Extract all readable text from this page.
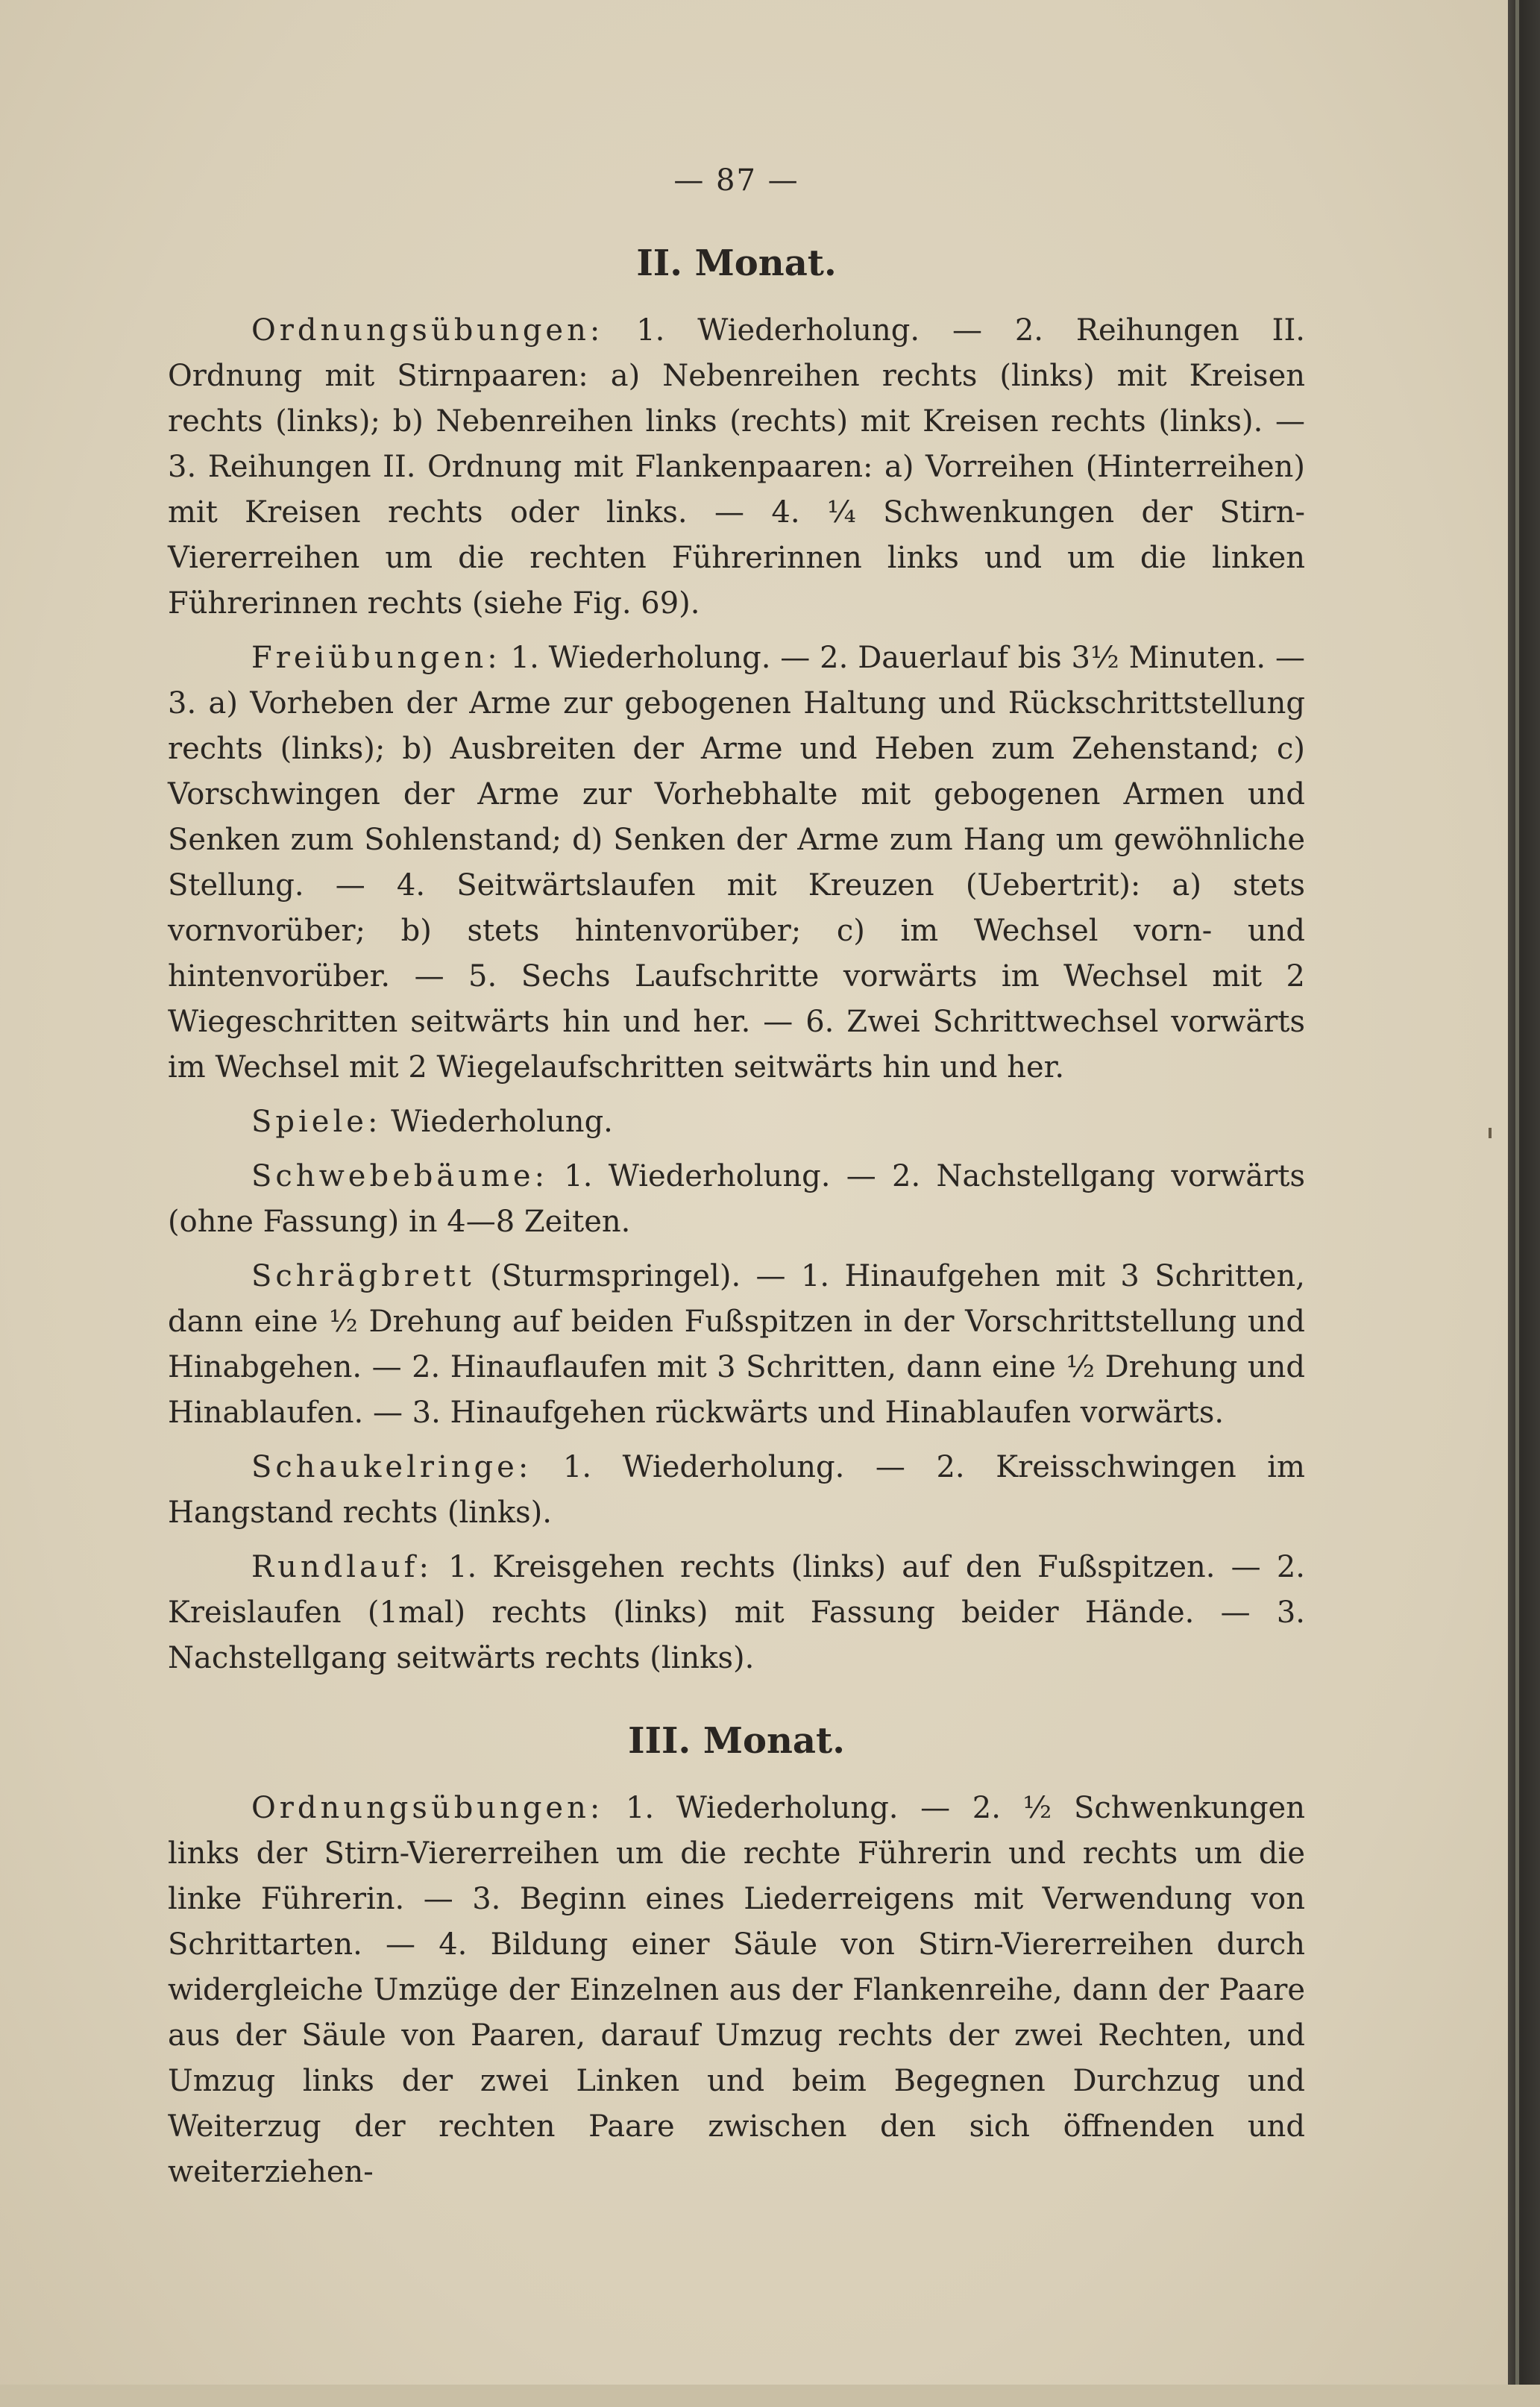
— 87 —
II. Monat.

Ordnungsübungen: 1. Wiederholung. — 2. Reihungen II. Ordnung mit Stirnpaaren: a) Nebenreihen rechts (links) mit Kreisen rechts (links); b) Nebenreihen links (rechts) mit Kreisen rechts (links). — 3. Reihungen II. Ordnung mit Flankenpaaren: a) Vorreihen (Hinterreihen) mit Kreisen rechts oder links. — 4. ¼ Schwenkungen der Stirn-Viererreihen um die rechten Führerinnen links und um die linken Führerinnen rechts (siehe Fig. 69).

Freiübungen: 1. Wiederholung. — 2. Dauerlauf bis 3½ Minuten. — 3. a) Vorheben der Arme zur gebogenen Haltung und Rückschrittstellung rechts (links); b) Ausbreiten der Arme und Heben zum Zehenstand; c) Vorschwingen der Arme zur Vorhebhalte mit gebogenen Armen und Senken zum Sohlenstand; d) Senken der Arme zum Hang um gewöhnliche Stellung. — 4. Seitwärtslaufen mit Kreuzen (Uebertrit): a) stets vornvorüber; b) stets hintenvorüber; c) im Wechsel vorn- und hintenvorüber. — 5. Sechs Laufschritte vorwärts im Wechsel mit 2 Wiegeschritten seitwärts hin und her. — 6. Zwei Schrittwechsel vorwärts im Wechsel mit 2 Wiegelaufschritten seitwärts hin und her.

Spiele: Wiederholung.

Schwebebäume: 1. Wiederholung. — 2. Nachstellgang vorwärts (ohne Fassung) in 4—8 Zeiten.

Schrägbrett (Sturmspringel). — 1. Hinaufgehen mit 3 Schritten, dann eine ½ Drehung auf beiden Fußspitzen in der Vorschrittstellung und Hinabgehen. — 2. Hinauflaufen mit 3 Schritten, dann eine ½ Drehung und Hinablaufen. — 3. Hinaufgehen rückwärts und Hinablaufen vorwärts.

Schaukelringe: 1. Wiederholung. — 2. Kreisschwingen im Hangstand rechts (links).

Rundlauf: 1. Kreisgehen rechts (links) auf den Fußspitzen. — 2. Kreislaufen (1mal) rechts (links) mit Fassung beider Hände. — 3. Nachstellgang seitwärts rechts (links).

III. Monat.

Ordnungsübungen: 1. Wiederholung. — 2. ½ Schwenkungen links der Stirn-Viererreihen um die rechte Führerin und rechts um die linke Führerin. — 3. Beginn eines Liederreigens mit Verwendung von Schrittarten. — 4. Bildung einer Säule von Stirn-Viererreihen durch widergleiche Umzüge der Einzelnen aus der Flankenreihe, dann der Paare aus der Säule von Paaren, darauf Umzug rechts der zwei Rechten, und Umzug links der zwei Linken und beim Begegnen Durchzug und Weiterzug der rechten Paare zwischen den sich öffnenden und weiterziehen-
